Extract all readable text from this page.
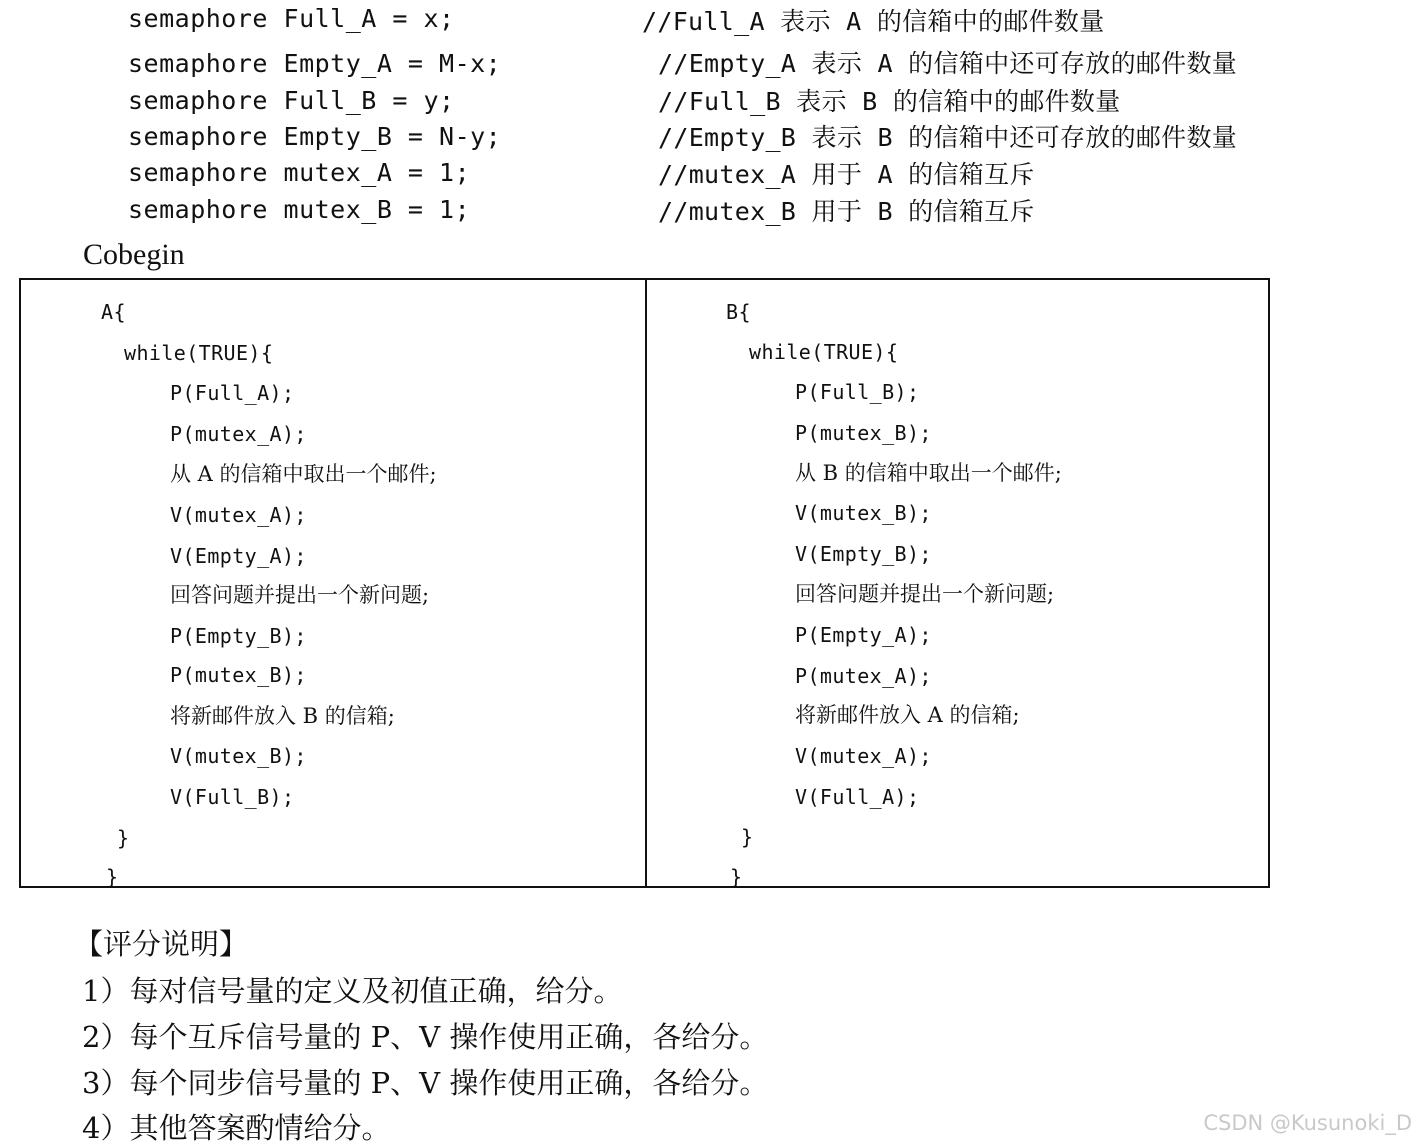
semaphore Full_A = x;	//Full_A 表示 A 的信箱中的邮件数量
semaphore Empty_A = M-x;	//Empty_A 表示 A 的信箱中还可存放的邮件数量
semaphore Full_B = y;	//Full_B 表示 B 的信箱中的邮件数量
semaphore Empty_B = N-y;	//Empty_B 表示 B 的信箱中还可存放的邮件数量
semaphore mutex_A = 1;	//mutex_A 用于 A 的信箱互斥
semaphore mutex_B = 1;	//mutex_B 用于 B 的信箱互斥
Cobegin
A{
while(TRUE){
P(Full_A);
P(mutex_A);
从 A 的信箱中取出一个邮件;
V(mutex_A);
V(Empty_A);
回答问题并提出一个新问题;
P(Empty_B);
P(mutex_B);
将新邮件放入 B 的信箱;
V(mutex_B);
V(Full_B);
}
}
B{
while(TRUE){
P(Full_B);
P(mutex_B);
从 B 的信箱中取出一个邮件;
V(mutex_B);
V(Empty_B);
回答问题并提出一个新问题;
P(Empty_A);
P(mutex_A);
将新邮件放入 A 的信箱;
V(mutex_A);
V(Full_A);
}
}
【评分说明】
1）每对信号量的定义及初值正确，给分。
2）每个互斥信号量的 P、V 操作使用正确，各给分。
3）每个同步信号量的 P、V 操作使用正确，各给分。
4）其他答案酌情给分。	CSDN @Kusunoki_D
